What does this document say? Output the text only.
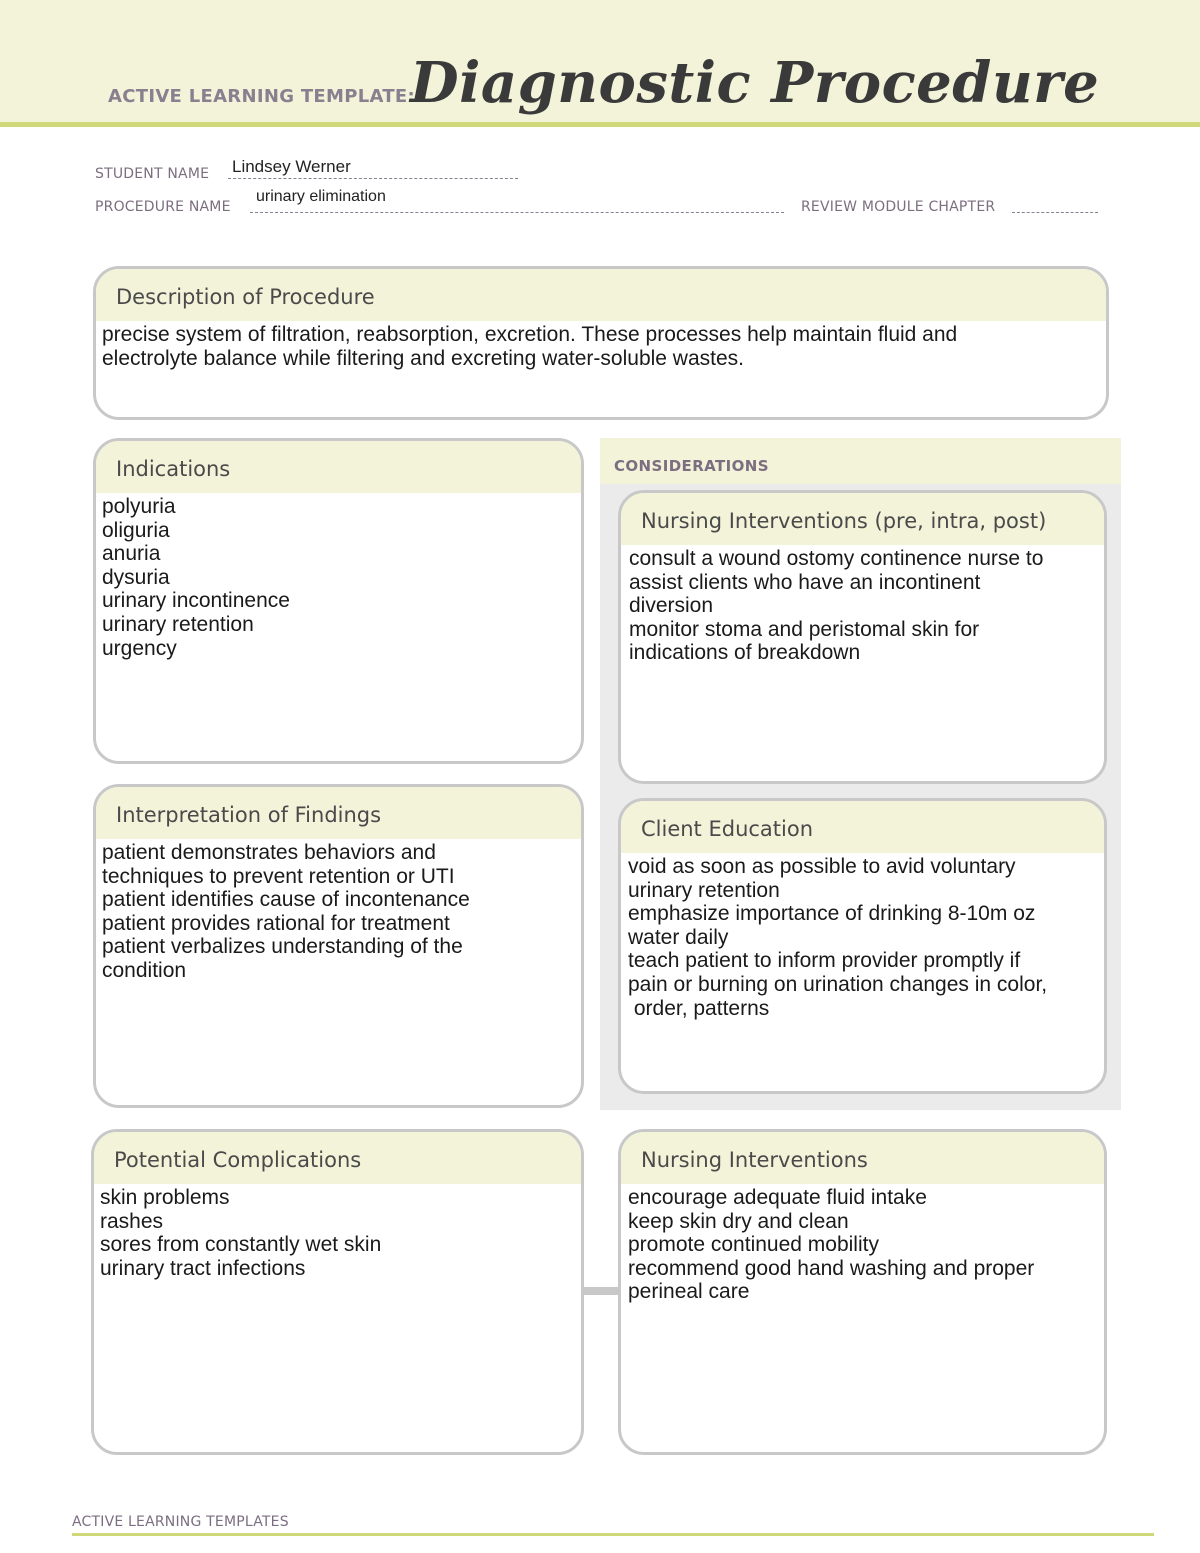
ACTIVE LEARNING TEMPLATE:
Diagnostic Procedure
STUDENT NAME Lindsey Werner
PROCEDURE NAME
urinary elimination
REVIEW MODULE CHAPTER
Description of Procedure

precise system of filtration, reabsorption, excretion. These processes help maintain fluid and
electrolyte balance while filtering and excreting water-soluble wastes.

Indications

polyuria
oliguria
anuria
dysuria
urinary incontinence
urinary retention
urgency

Interpretation of Findings

patient demonstrates behaviors and
techniques to prevent retention or UTI
patient identifies cause of incontenance
patient provides rational for treatment
patient verbalizes understanding of the
condition

CONSIDERATIONS
Nursing Interventions (pre, intra, post)

consult a wound ostomy continence nurse to
assist clients who have an incontinent
diversion
monitor stoma and peristomal skin for
indications of breakdown

Client Education

void as soon as possible to avid voluntary
urinary retention
emphasize importance of drinking 8-10m oz
water daily
teach patient to inform provider promptly if
pain or burning on urination changes in color,
order, patterns

Potential Complications

skin problems
rashes
sores from constantly wet skin
urinary tract infections

Nursing Interventions

encourage adequate fluid intake
keep skin dry and clean
promote continued mobility
recommend good hand washing and proper
perineal care

ACTIVE LEARNING TEMPLATES
